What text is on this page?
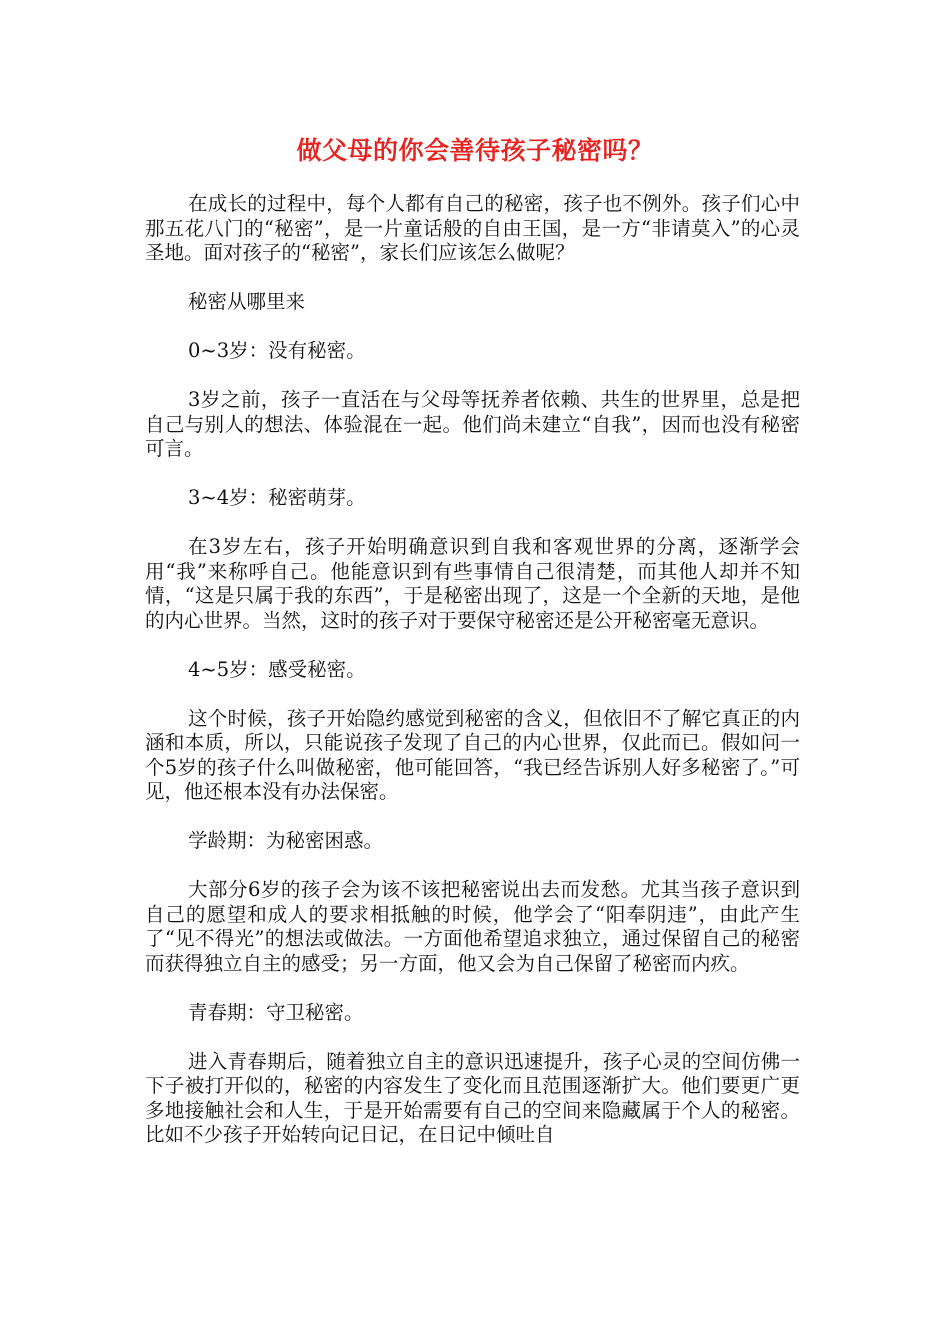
做父母的你会善待孩子秘密吗？

在成长的过程中，每个人都有自己的秘密，孩子也不例外。孩子们心中那五花八门的“秘密”，是一片童话般的自由王国，是一方“非请莫入”的心灵圣地。面对孩子的“秘密”，家长们应该怎么做呢？

秘密从哪里来

0~3岁：没有秘密。

3岁之前，孩子一直活在与父母等抚养者依赖、共生的世界里，总是把自己与别人的想法、体验混在一起。他们尚未建立“自我”，因而也没有秘密可言。

3~4岁：秘密萌芽。

在3岁左右，孩子开始明确意识到自我和客观世界的分离，逐渐学会用“我”来称呼自己。他能意识到有些事情自己很清楚，而其他人却并不知情，“这是只属于我的东西”，于是秘密出现了，这是一个全新的天地，是他的内心世界。当然，这时的孩子对于要保守秘密还是公开秘密毫无意识。

4~5岁：感受秘密。

这个时候，孩子开始隐约感觉到秘密的含义，但依旧不了解它真正的内涵和本质，所以，只能说孩子发现了自己的内心世界，仅此而已。假如问一个5岁的孩子什么叫做秘密，他可能回答，“我已经告诉别人好多秘密了。”可见，他还根本没有办法保密。

学龄期：为秘密困惑。

大部分6岁的孩子会为该不该把秘密说出去而发愁。尤其当孩子意识到自己的愿望和成人的要求相抵触的时候，他学会了“阳奉阴违”，由此产生了“见不得光”的想法或做法。一方面他希望追求独立，通过保留自己的秘密而获得独立自主的感受；另一方面，他又会为自己保留了秘密而内疚。

青春期：守卫秘密。

进入青春期后，随着独立自主的意识迅速提升，孩子心灵的空间仿佛一下子被打开似的，秘密的内容发生了变化而且范围逐渐扩大。他们要更广更多地接触社会和人生，于是开始需要有自己的空间来隐藏属于个人的秘密。比如不少孩子开始转向记日记，在日记中倾吐自
